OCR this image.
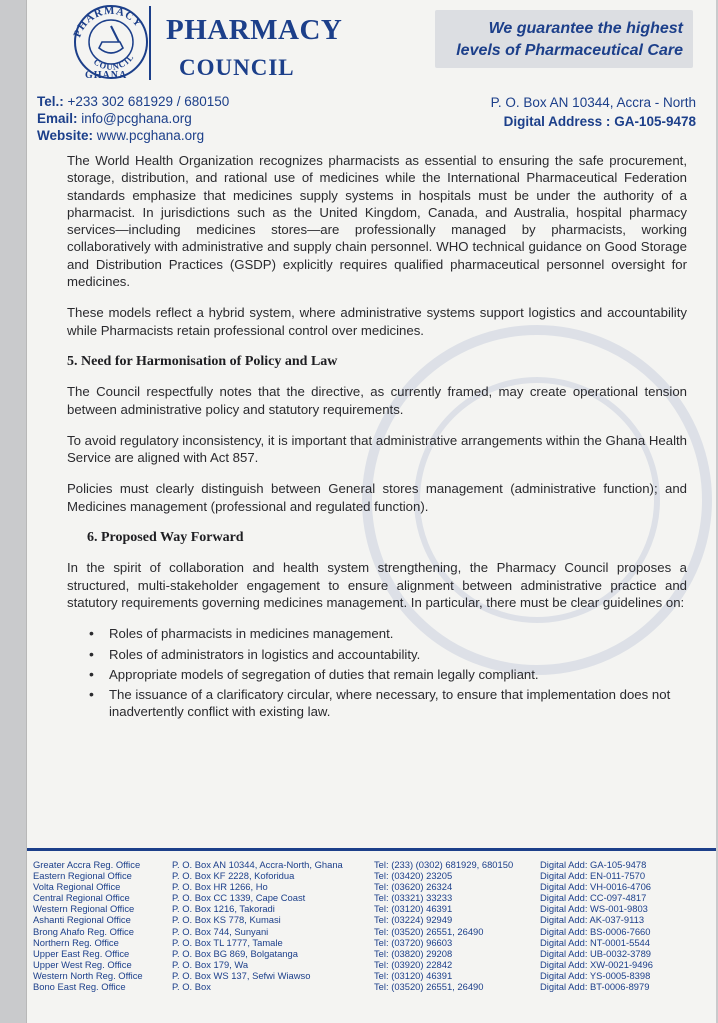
PHARMACY
COUNCIL
GHANA
PHARMACY
COUNCIL
We guarantee the highest
levels of Pharmaceutical Care
Tel.: +233 302 681929 / 680150
Email: info@pcghana.org
Website: www.pcghana.org
P. O. Box AN 10344, Accra - North
Digital Address : GA-105-9478

The World Health Organization recognizes pharmacists as essential to ensuring the safe procurement, storage, distribution, and rational use of medicines while the International Pharmaceutical Federation standards emphasize that medicines supply systems in hospitals must be under the authority of a pharmacist. In jurisdictions such as the United Kingdom, Canada, and Australia, hospital pharmacy services—including medicines stores—are professionally managed by pharmacists, working collaboratively with administrative and supply chain personnel. WHO technical guidance on Good Storage and Distribution Practices (GSDP) explicitly requires qualified pharmaceutical personnel oversight for medicines.

These models reflect a hybrid system, where administrative systems support logistics and accountability while Pharmacists retain professional control over medicines.

5. Need for Harmonisation of Policy and Law

The Council respectfully notes that the directive, as currently framed, may create operational tension between administrative policy and statutory requirements.

To avoid regulatory inconsistency, it is important that administrative arrangements within the Ghana Health Service are aligned with Act 857.

Policies must clearly distinguish between General stores management (administrative function); and Medicines management (professional and regulated function).

6. Proposed Way Forward

In the spirit of collaboration and health system strengthening, the Pharmacy Council proposes a structured, multi-stakeholder engagement to ensure alignment between administrative practice and statutory requirements governing medicines management. In particular, there must be clear guidelines on:

• Roles of pharmacists in medicines management.
• Roles of administrators in logistics and accountability.
• Appropriate models of segregation of duties that remain legally compliant.
• The issuance of a clarificatory circular, where necessary, to ensure that implementation does not inadvertently conflict with existing law.
Greater Accra Reg. Office
Eastern Regional Office
Volta Regional Office
Central Regional Office
Western Regional Office
Ashanti Regional Office
Brong Ahafo Reg. Office
Northern Reg. Office
Upper East Reg. Office
Upper West Reg. Office
Western North Reg. Office
Bono East Reg. Office
P. O. Box AN 10344, Accra-North, Ghana
P. O. Box KF 2228, Koforidua
P. O. Box HR 1266, Ho
P. O. Box CC 1339, Cape Coast
P. O. Box 1216, Takoradi
P. O. Box KS 778, Kumasi
P. O. Box 744, Sunyani
P. O. Box TL 1777, Tamale
P. O. Box BG 869, Bolgatanga
P. O. Box 179, Wa
P. O. Box WS 137, Sefwi Wiawso
P. O. Box
Tel: (233) (0302) 681929, 680150
Tel: (03420) 23205
Tel: (03620) 26324
Tel: (03321) 33233
Tel: (03120) 46391
Tel: (03224) 92949
Tel: (03520) 26551, 26490
Tel: (03720) 96603
Tel: (03820) 29208
Tel: (03920) 22842
Tel: (03120) 46391
Tel: (03520) 26551, 26490
Digital Add: GA-105-9478
Digital Add: EN-011-7570
Digital Add: VH-0016-4706
Digital Add: CC-097-4817
Digital Add: WS-001-9803
Digital Add: AK-037-9113
Digital Add: BS-0006-7660
Digital Add: NT-0001-5544
Digital Add: UB-0032-3789
Digital Add: XW-0021-9496
Digital Add: YS-0005-8398
Digital Add: BT-0006-8979
